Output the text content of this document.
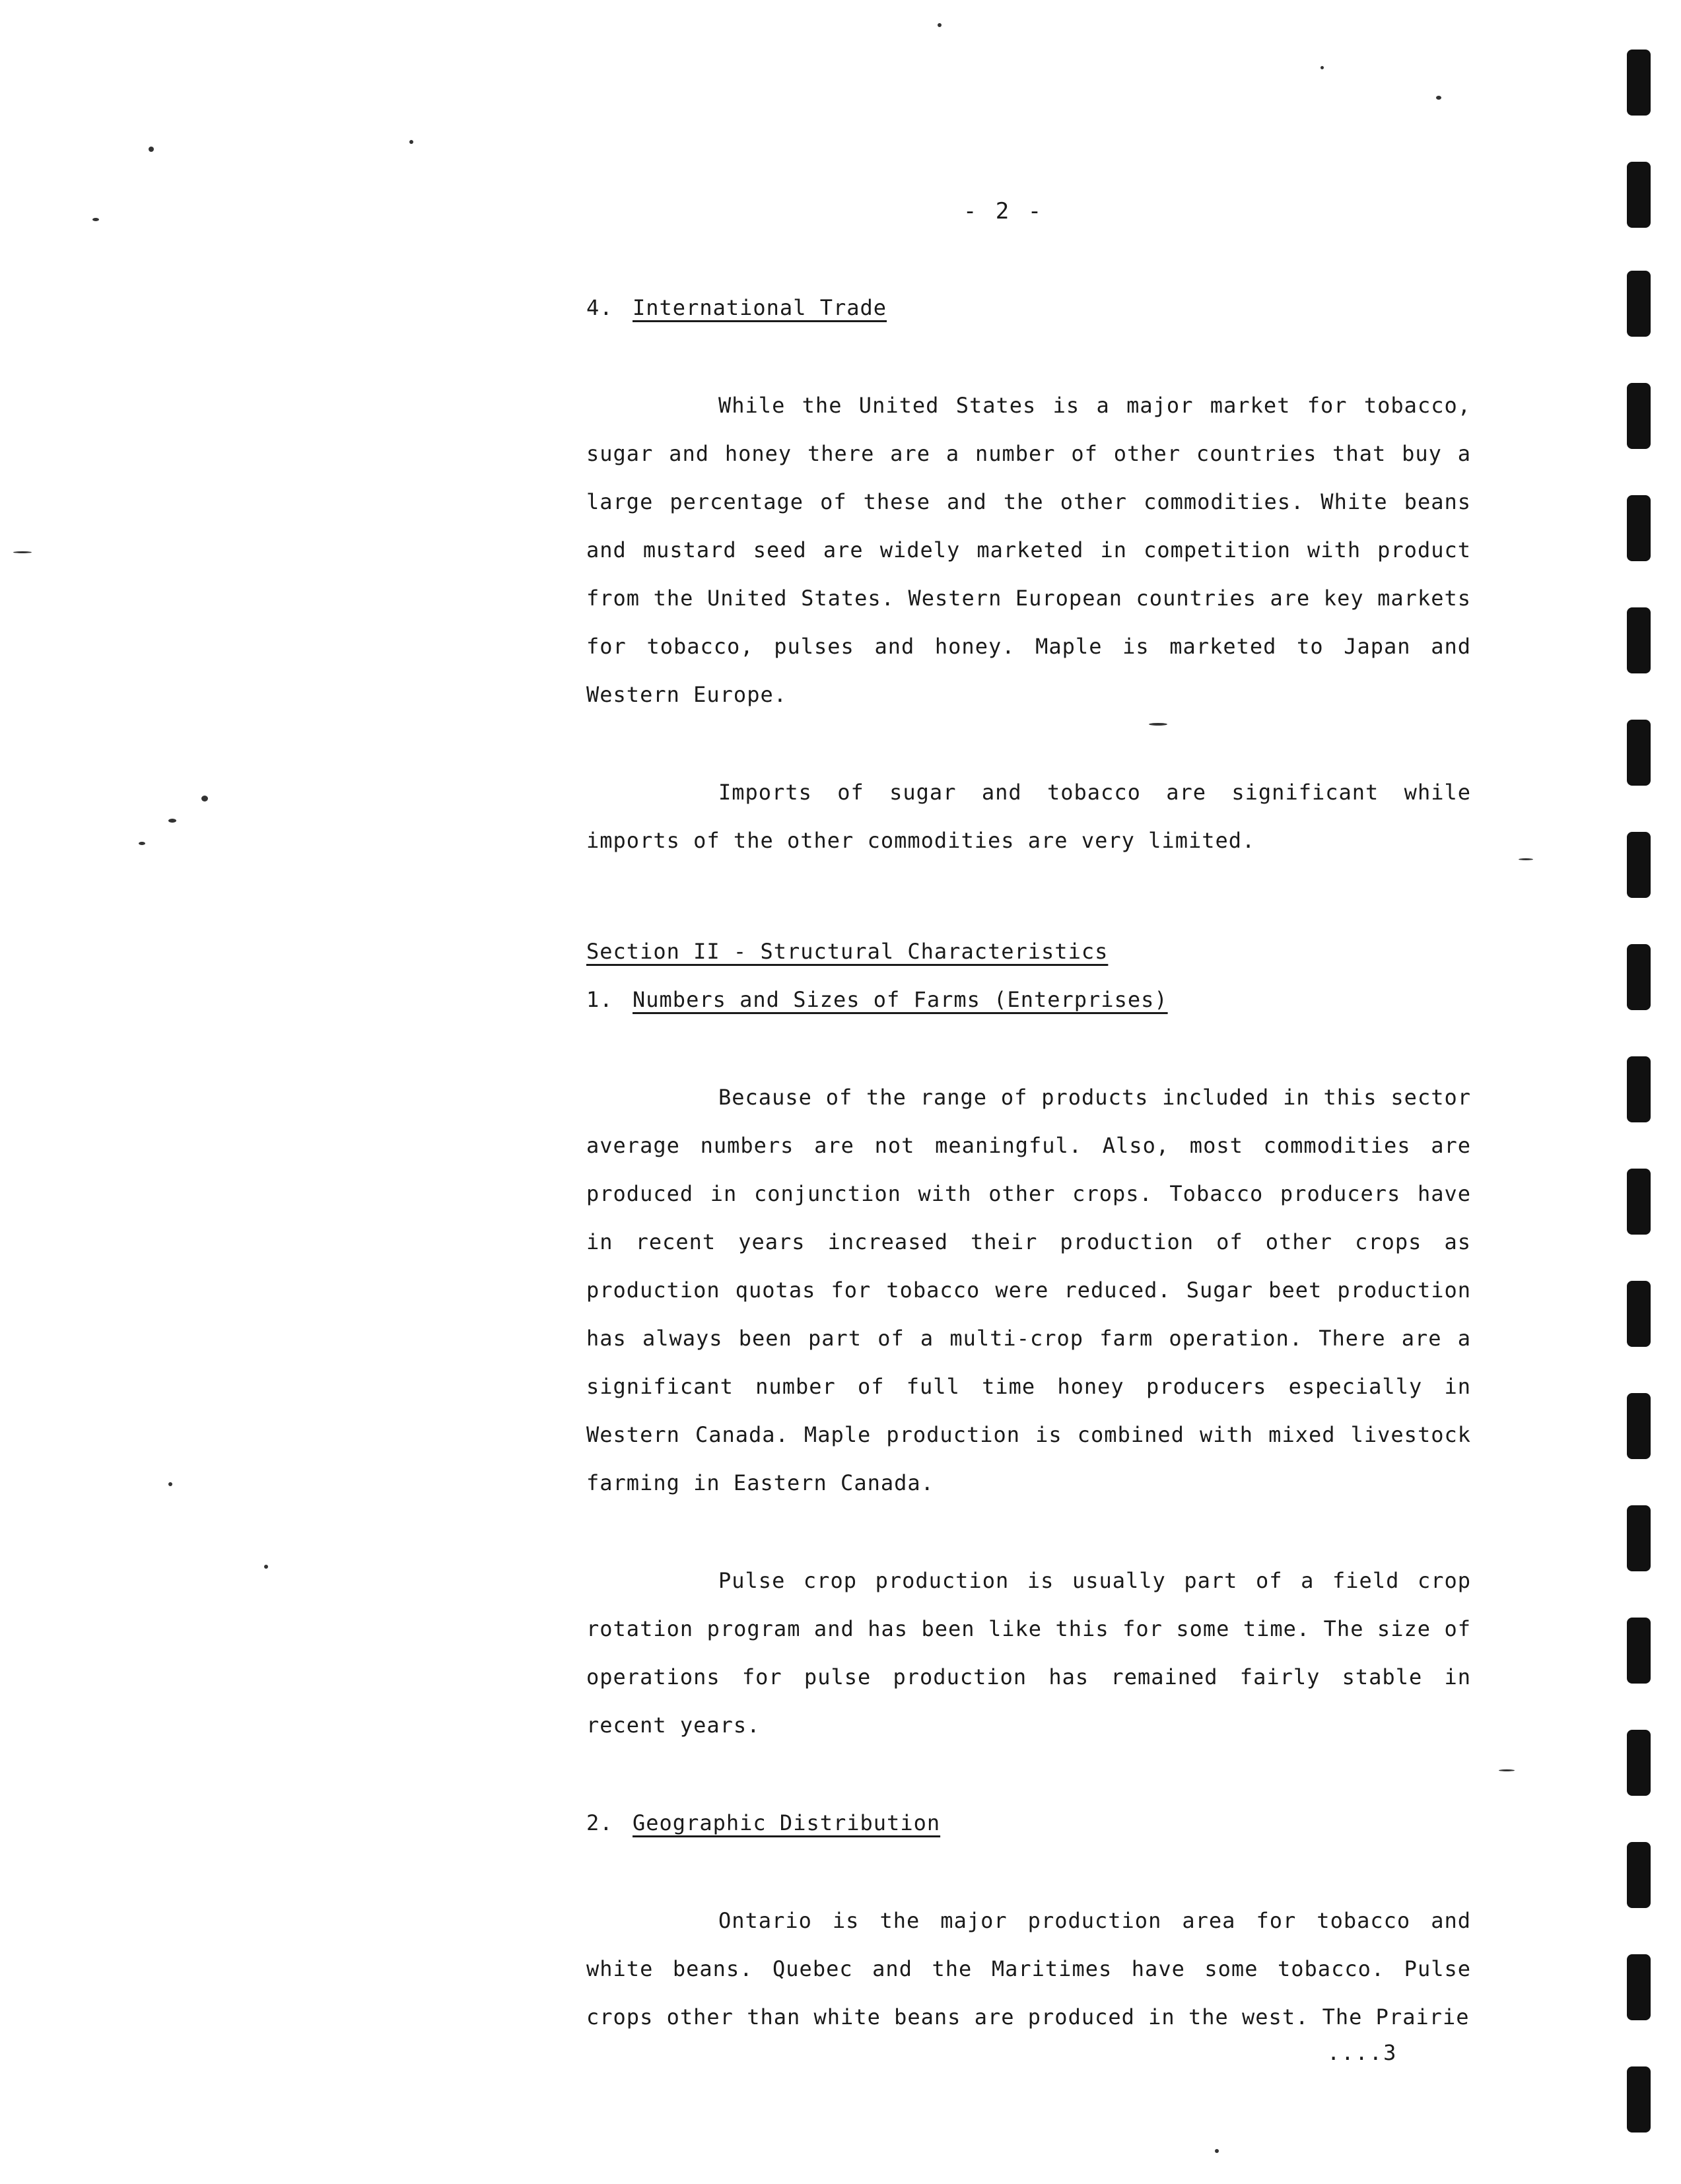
- 2 -
4. International Trade

While the United States is a major market for tobacco, sugar and honey there are a number of other countries that buy a large percentage of these and the other commodities. White beans and mustard seed are widely marketed in competition with product from the United States. Western European countries are key markets for tobacco, pulses and honey. Maple is marketed to Japan and Western Europe.

Imports of sugar and tobacco are significant while imports of the other commodities are very limited.

Section II - Structural Characteristics
1. Numbers and Sizes of Farms (Enterprises)

Because of the range of products included in this sector average numbers are not meaningful. Also, most commodities are produced in conjunction with other crops. Tobacco producers have in recent years increased their production of other crops as production quotas for tobacco were reduced. Sugar beet production has always been part of a multi-crop farm operation. There are a significant number of full time honey producers especially in Western Canada. Maple production is combined with mixed livestock farming in Eastern Canada.

Pulse crop production is usually part of a field crop rotation program and has been like this for some time. The size of operations for pulse production has remained fairly stable in recent years.

2. Geographic Distribution

Ontario is the major production area for tobacco and white beans. Quebec and the Maritimes have some tobacco. Pulse crops other than white beans are produced in the west. The Prairie

....3
